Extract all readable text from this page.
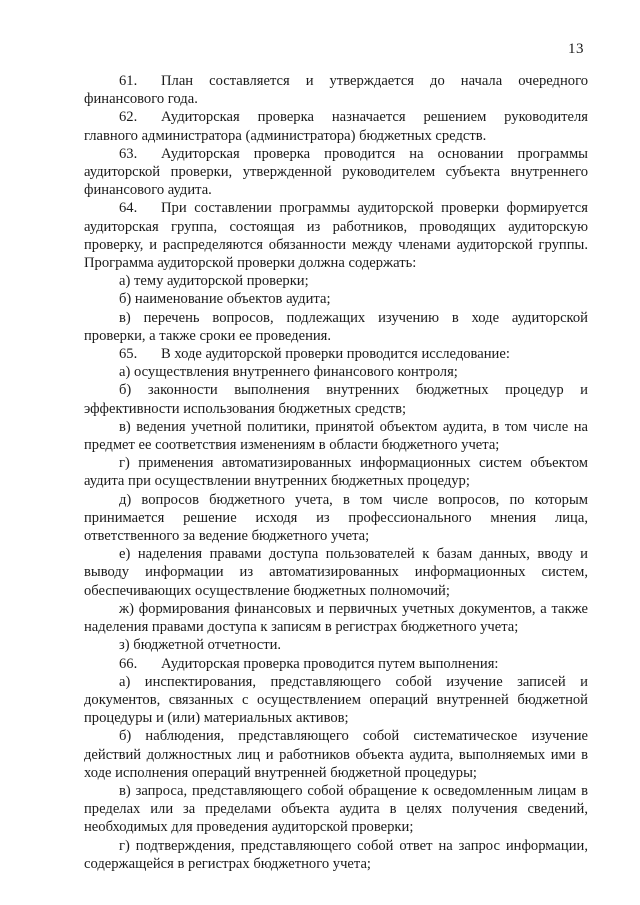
13

61. План составляется и утверждается до начала очередного финансового года.

62. Аудиторская проверка назначается решением руководителя главного администратора (администратора) бюджетных средств.

63. Аудиторская проверка проводится на основании программы аудиторской проверки, утвержденной руководителем субъекта внутреннего финансового аудита.

64. При составлении программы аудиторской проверки формируется аудиторская группа, состоящая из работников, проводящих аудиторскую проверку, и распределяются обязанности между членами аудиторской группы. Программа аудиторской проверки должна содержать:

а) тему аудиторской проверки;

б) наименование объектов аудита;

в) перечень вопросов, подлежащих изучению в ходе аудиторской проверки, а также сроки ее проведения.

65. В ходе аудиторской проверки проводится исследование:

а) осуществления внутреннего финансового контроля;

б) законности выполнения внутренних бюджетных процедур и эффективности использования бюджетных средств;

в) ведения учетной политики, принятой объектом аудита, в том числе на предмет ее соответствия изменениям в области бюджетного учета;

г) применения автоматизированных информационных систем объектом аудита при осуществлении внутренних бюджетных процедур;

д) вопросов бюджетного учета, в том числе вопросов, по которым принимается решение исходя из профессионального мнения лица, ответственного за ведение бюджетного учета;

е) наделения правами доступа пользователей к базам данных, вводу и выводу информации из автоматизированных информационных систем, обеспечивающих осуществление бюджетных полномочий;

ж) формирования финансовых и первичных учетных документов, а также наделения правами доступа к записям в регистрах бюджетного учета;

з) бюджетной отчетности.

66. Аудиторская проверка проводится путем выполнения:

а) инспектирования, представляющего собой изучение записей и документов, связанных с осуществлением операций внутренней бюджетной процедуры и (или) материальных активов;

б) наблюдения, представляющего собой систематическое изучение действий должностных лиц и работников объекта аудита, выполняемых ими в ходе исполнения операций внутренней бюджетной процедуры;

в) запроса, представляющего собой обращение к осведомленным лицам в пределах или за пределами объекта аудита в целях получения сведений, необходимых для проведения аудиторской проверки;

г) подтверждения, представляющего собой ответ на запрос информации, содержащейся в регистрах бюджетного учета;
